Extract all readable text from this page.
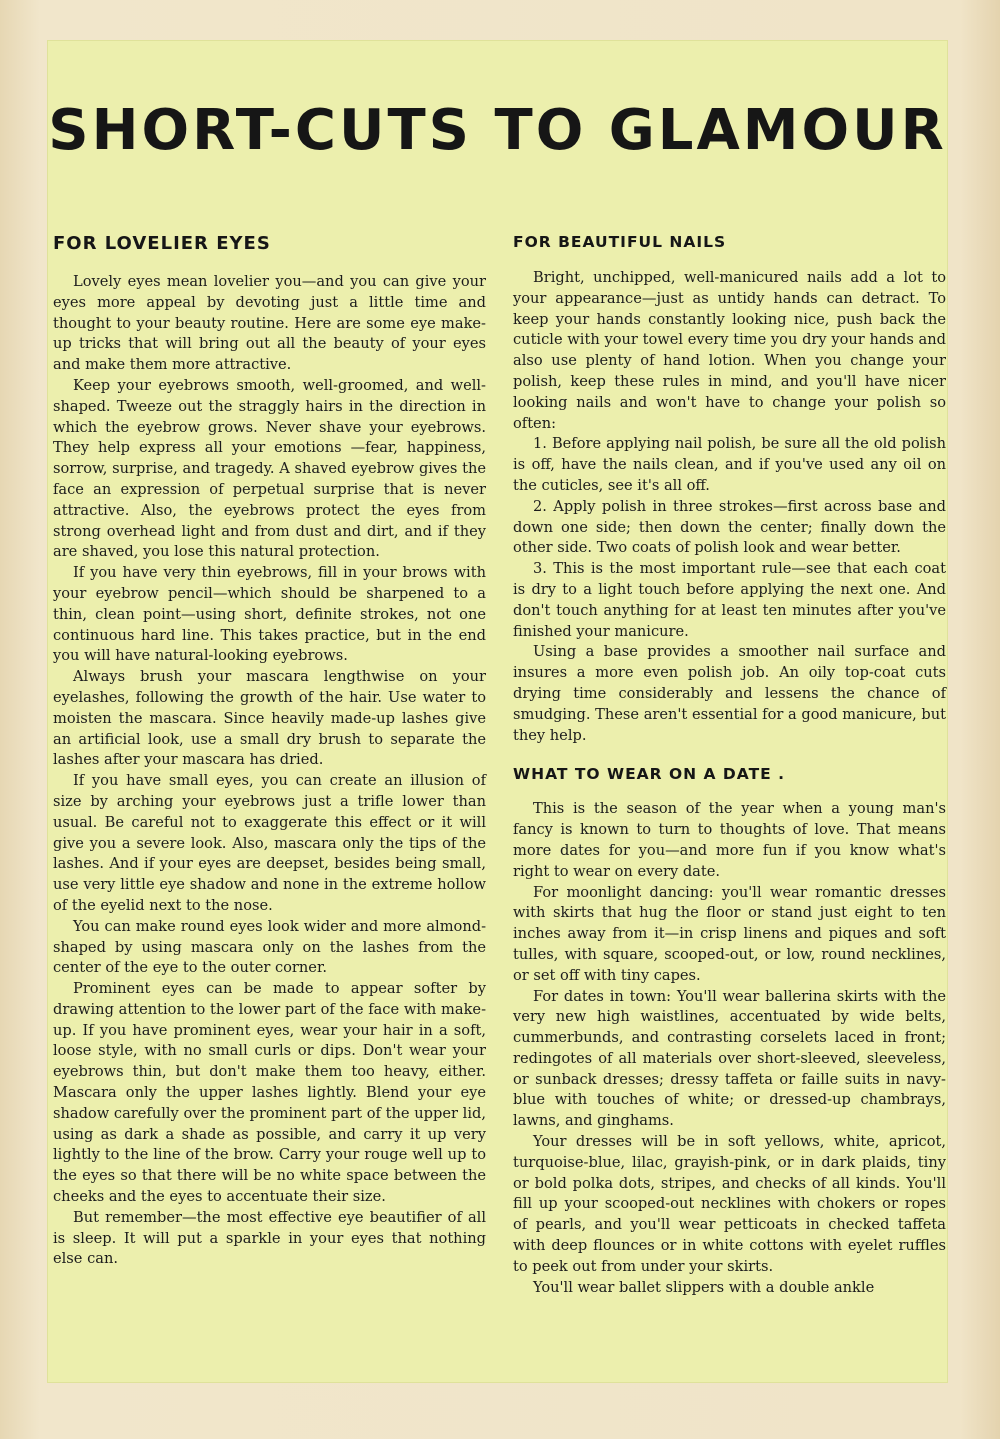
SHORT-CUTS TO GLAMOUR
FOR LOVELIER EYES

Lovely eyes mean lovelier you—and you can give your eyes more appeal by devoting just a little time and thought to your beauty routine. Here are some eye make-up tricks that will bring out all the beauty of your eyes and make them more attractive.

Keep your eyebrows smooth, well-groomed, and well-shaped. Tweeze out the straggly hairs in the direction in which the eyebrow grows. Never shave your eyebrows. They help express all your emotions —fear, happiness, sorrow, surprise, and tragedy. A shaved eyebrow gives the face an expression of perpetual surprise that is never attractive. Also, the eyebrows protect the eyes from strong overhead light and from dust and dirt, and if they are shaved, you lose this natural protection.

If you have very thin eyebrows, fill in your brows with your eyebrow pencil—which should be sharpened to a thin, clean point—using short, definite strokes, not one continuous hard line. This takes practice, but in the end you will have natural-looking eyebrows.

Always brush your mascara lengthwise on your eyelashes, following the growth of the hair. Use water to moisten the mascara. Since heavily made-up lashes give an artificial look, use a small dry brush to separate the lashes after your mascara has dried.

If you have small eyes, you can create an illusion of size by arching your eyebrows just a trifle lower than usual. Be careful not to exaggerate this effect or it will give you a severe look. Also, mascara only the tips of the lashes. And if your eyes are deepset, besides being small, use very little eye shadow and none in the extreme hollow of the eyelid next to the nose.

You can make round eyes look wider and more almond-shaped by using mascara only on the lashes from the center of the eye to the outer corner.

Prominent eyes can be made to appear softer by drawing attention to the lower part of the face with make-up. If you have prominent eyes, wear your hair in a soft, loose style, with no small curls or dips. Don't wear your eyebrows thin, but don't make them too heavy, either. Mascara only the upper lashes lightly. Blend your eye shadow carefully over the prominent part of the upper lid, using as dark a shade as possible, and carry it up very lightly to the line of the brow. Carry your rouge well up to the eyes so that there will be no white space between the cheeks and the eyes to accentuate their size.

But remember—the most effective eye beautifier of all is sleep. It will put a sparkle in your eyes that nothing else can.

FOR BEAUTIFUL NAILS

Bright, unchipped, well-manicured nails add a lot to your appearance—just as untidy hands can detract. To keep your hands constantly looking nice, push back the cuticle with your towel every time you dry your hands and also use plenty of hand lotion. When you change your polish, keep these rules in mind, and you'll have nicer looking nails and won't have to change your polish so often:

1. Before applying nail polish, be sure all the old polish is off, have the nails clean, and if you've used any oil on the cuticles, see it's all off.

2. Apply polish in three strokes—first across base and down one side; then down the center; finally down the other side. Two coats of polish look and wear better.

3. This is the most important rule—see that each coat is dry to a light touch before applying the next one. And don't touch anything for at least ten minutes after you've finished your manicure.

Using a base provides a smoother nail surface and insures a more even polish job. An oily top-coat cuts drying time considerably and lessens the chance of smudging. These aren't essential for a good manicure, but they help.

WHAT TO WEAR ON A DATE .

This is the season of the year when a young man's fancy is known to turn to thoughts of love. That means more dates for you—and more fun if you know what's right to wear on every date.

For moonlight dancing: you'll wear romantic dresses with skirts that hug the floor or stand just eight to ten inches away from it—in crisp linens and piques and soft tulles, with square, scooped-out, or low, round necklines, or set off with tiny capes.

For dates in town: You'll wear ballerina skirts with the very new high waistlines, accentuated by wide belts, cummerbunds, and contrasting corselets laced in front; redingotes of all materials over short-sleeved, sleeveless, or sunback dresses; dressy taffeta or faille suits in navy-blue with touches of white; or dressed-up chambrays, lawns, and ginghams.

Your dresses will be in soft yellows, white, apricot, turquoise-blue, lilac, grayish-pink, or in dark plaids, tiny or bold polka dots, stripes, and checks of all kinds. You'll fill up your scooped-out necklines with chokers or ropes of pearls, and you'll wear petticoats in checked taffeta with deep flounces or in white cottons with eyelet ruffles to peek out from under your skirts.

You'll wear ballet slippers with a double ankle
